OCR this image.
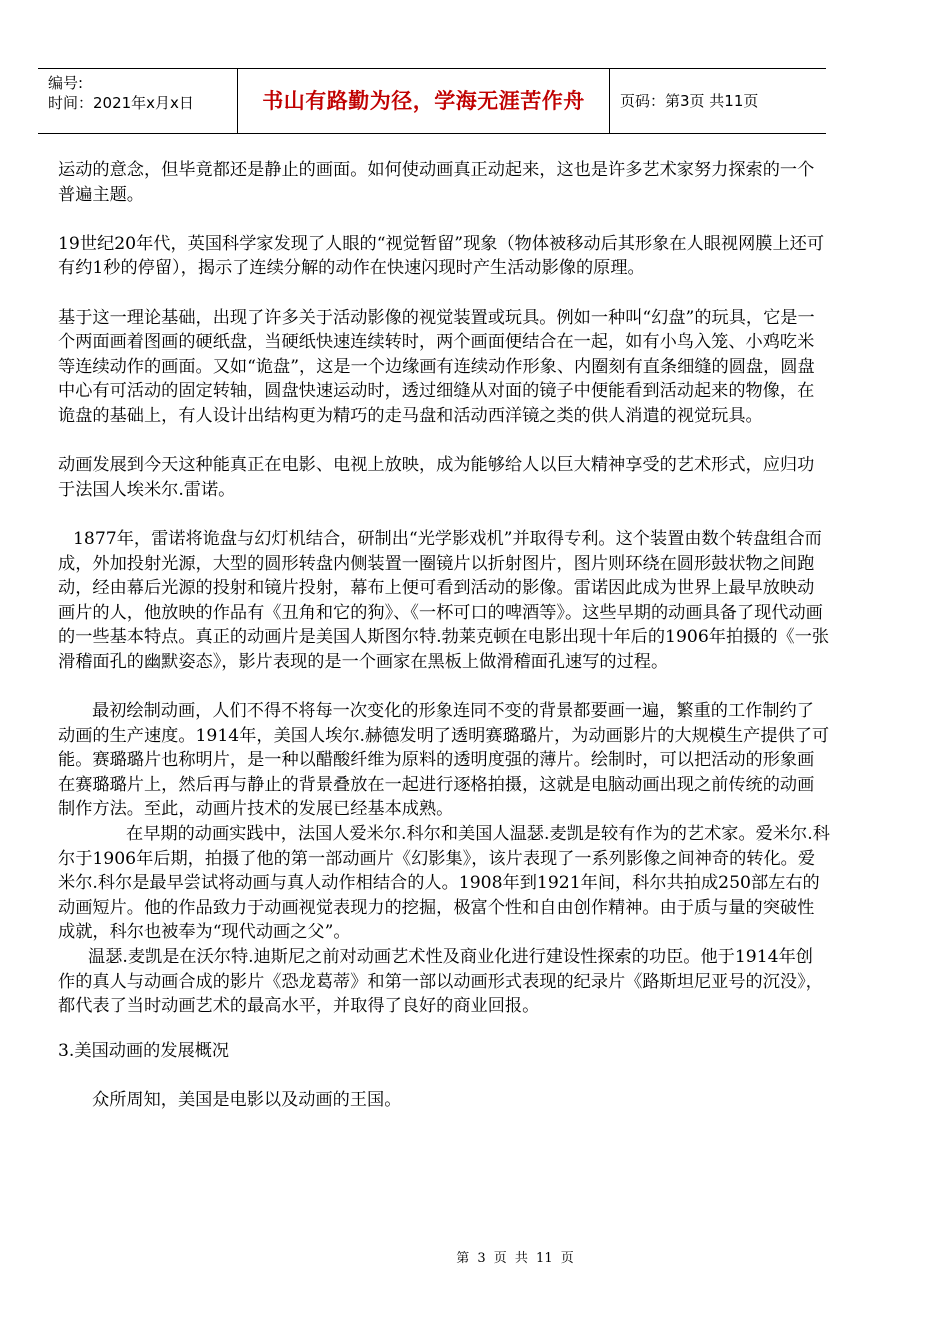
编号:
时间：2021年x月x日	书山有路勤为径，学海无涯苦作舟	页码：第3页 共11页

运动的意念，但毕竟都还是静止的画面。如何使动画真正动起来，这也是许多艺术家努力探索的一个普遍主题。

19世纪20年代，英国科学家发现了人眼的“视觉暂留”现象（物体被移动后其形象在人眼视网膜上还可有约1秒的停留），揭示了连续分解的动作在快速闪现时产生活动影像的原理。

基于这一理论基础，出现了许多关于活动影像的视觉装置或玩具。例如一种叫“幻盘”的玩具，它是一个两面画着图画的硬纸盘，当硬纸快速连续转时，两个画面便结合在一起，如有小鸟入笼、小鸡吃米等连续动作的画面。又如“诡盘”，这是一个边缘画有连续动作形象、内圈刻有直条细缝的圆盘，圆盘中心有可活动的固定转轴，圆盘快速运动时，透过细缝从对面的镜子中便能看到活动起来的物像，在诡盘的基础上，有人设计出结构更为精巧的走马盘和活动西洋镜之类的供人消遣的视觉玩具。

动画发展到今天这种能真正在电影、电视上放映，成为能够给人以巨大精神享受的艺术形式，应归功于法国人埃米尔.雷诺。

1877年，雷诺将诡盘与幻灯机结合，研制出“光学影戏机”并取得专利。这个装置由数个转盘组合而成，外加投射光源，大型的圆形转盘内侧装置一圈镜片以折射图片，图片则环绕在圆形鼓状物之间跑动，经由幕后光源的投射和镜片投射，幕布上便可看到活动的影像。雷诺因此成为世界上最早放映动画片的人，他放映的作品有《丑角和它的狗》、《一杯可口的啤酒等》。这些早期的动画具备了现代动画的一些基本特点。真正的动画片是美国人斯图尔特.勃莱克顿在电影出现十年后的1906年拍摄的《一张滑稽面孔的幽默姿态》，影片表现的是一个画家在黑板上做滑稽面孔速写的过程。

最初绘制动画，人们不得不将每一次变化的形象连同不变的背景都要画一遍，繁重的工作制约了动画的生产速度。1914年，美国人埃尔.赫德发明了透明赛璐璐片，为动画影片的大规模生产提供了可能。赛璐璐片也称明片，是一种以醋酸纤维为原料的透明度强的薄片。绘制时，可以把活动的形象画在赛璐璐片上，然后再与静止的背景叠放在一起进行逐格拍摄，这就是电脑动画出现之前传统的动画制作方法。至此，动画片技术的发展已经基本成熟。

在早期的动画实践中，法国人爱米尔.科尔和美国人温瑟.麦凯是较有作为的艺术家。爱米尔.科尔于1906年后期，拍摄了他的第一部动画片《幻影集》，该片表现了一系列影像之间神奇的转化。爱米尔.科尔是最早尝试将动画与真人动作相结合的人。1908年到1921年间，科尔共拍成250部左右的动画短片。他的作品致力于动画视觉表现力的挖掘，极富个性和自由创作精神。由于质与量的突破性成就，科尔也被奉为“现代动画之父”。

温瑟.麦凯是在沃尔特.迪斯尼之前对动画艺术性及商业化进行建设性探索的功臣。他于1914年创作的真人与动画合成的影片《恐龙葛蒂》和第一部以动画形式表现的纪录片《路斯坦尼亚号的沉没》，都代表了当时动画艺术的最高水平，并取得了良好的商业回报。

3.美国动画的发展概况

众所周知，美国是电影以及动画的王国。

第 3 页 共 11 页
